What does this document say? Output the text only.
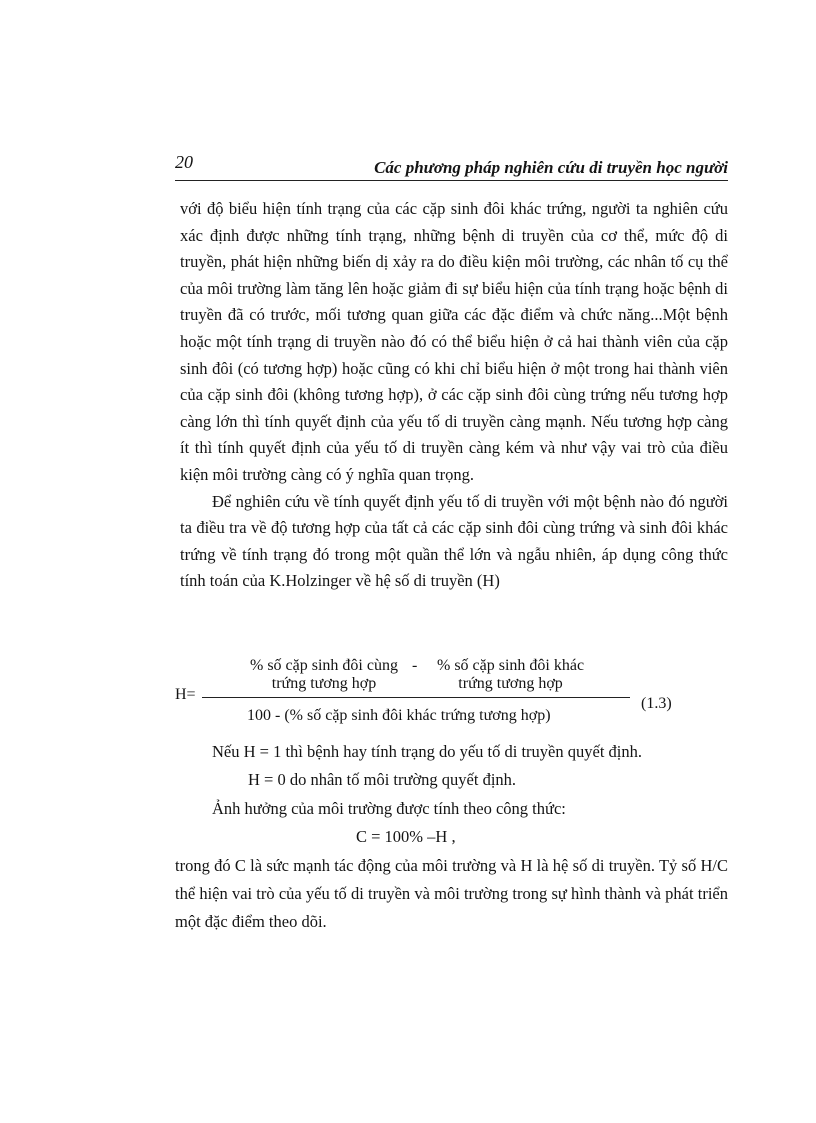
20	Các phương pháp nghiên cứu di truyền học người

với độ biểu hiện tính trạng của các cặp sinh đôi khác trứng, người ta nghiên cứu xác định được những tính trạng, những bệnh di truyền của cơ thể, mức độ di truyền, phát hiện những biến dị xảy ra do điều kiện môi trường, các nhân tố cụ thể của môi trường làm tăng lên hoặc giảm đi sự biểu hiện của tính trạng hoặc bệnh di truyền đã có trước, mối tương quan giữa các đặc điểm và chức năng...Một bệnh hoặc một tính trạng di truyền nào đó có thể biểu hiện ở cả hai thành viên của cặp sinh đôi (có tương hợp) hoặc cũng có khi chỉ biểu hiện ở một trong hai thành viên của cặp sinh đôi (không tương hợp), ở các cặp sinh đôi cùng trứng nếu tương hợp càng lớn thì tính quyết định của yếu tố di truyền càng mạnh. Nếu tương hợp càng ít thì tính quyết định của yếu tố di truyền càng kém và như vậy vai trò của điều kiện môi trường càng có ý nghĩa quan trọng.

Để nghiên cứu về tính quyết định yếu tố di truyền với một bệnh nào đó người ta điều tra về độ tương hợp của tất cả các cặp sinh đôi cùng trứng và sinh đôi khác trứng về tính trạng đó trong một quần thể lớn và ngẫu nhiên, áp dụng công thức tính toán của K.Holzinger về hệ số di truyền (H)

H=
% số cặp sinh đôi cùng
trứng tương hợp
- % số cặp sinh đôi khác
trứng tương hợp
100 - (% số cặp sinh đôi khác trứng tương hợp)
(1.3)
Nếu H = 1 thì bệnh hay tính trạng do yếu tố di truyền quyết định.
H = 0 do nhân tố môi trường quyết định.
Ảnh hưởng của môi trường được tính theo công thức:
C = 100% –H ,

trong đó C là sức mạnh tác động của môi trường và H là hệ số di truyền. Tỷ số H/C thể hiện vai trò của yếu tố di truyền và môi trường trong sự hình thành và phát triển một đặc điểm theo dõi.
